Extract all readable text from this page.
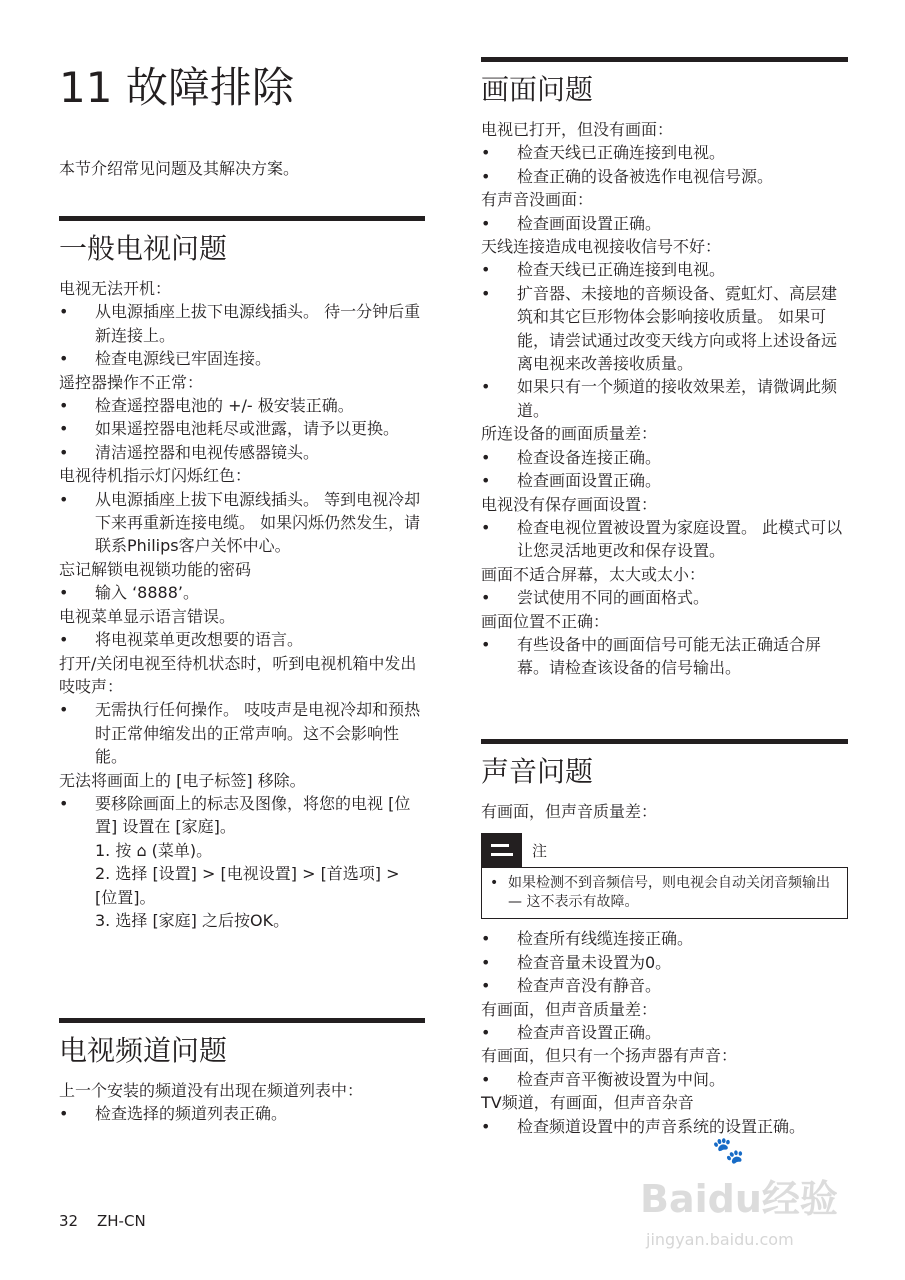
11 故障排除

本节介绍常见问题及其解决方案。

一般电视问题
电视无法开机：
• 从电源插座上拔下电源线插头。 待一分钟后重新连接上。
• 检查电源线已牢固连接。
遥控器操作不正常：
• 检查遥控器电池的 +/- 极安装正确。
• 如果遥控器电池耗尽或泄露，请予以更换。
• 清洁遥控器和电视传感器镜头。
电视待机指示灯闪烁红色：
• 从电源插座上拔下电源线插头。 等到电视冷却下来再重新连接电缆。 如果闪烁仍然发生，请联系Philips客户关怀中心。
忘记解锁电视锁功能的密码
• 输入 ‘8888’。
电视菜单显示语言错误。
• 将电视菜单更改想要的语言。
打开/关闭电视至待机状态时，听到电视机箱中发出吱吱声：
• 无需执行任何操作。 吱吱声是电视冷却和预热时正常伸缩发出的正常声响。这不会影响性能。
无法将画面上的 [电子标签] 移除。
• 要移除画面上的标志及图像，将您的电视 [位置] 设置在 [家庭]。
1. 按 ⌂ (菜单)。
2. 选择 [设置] > [电视设置] > [首选项] > [位置]。
3. 选择 [家庭] 之后按OK。
电视频道问题
上一个安装的频道没有出现在频道列表中：
• 检查选择的频道列表正确。
画面问题
电视已打开，但没有画面：
• 检查天线已正确连接到电视。
• 检查正确的设备被选作电视信号源。
有声音没画面：
• 检查画面设置正确。
天线连接造成电视接收信号不好：
• 检查天线已正确连接到电视。
• 扩音器、未接地的音频设备、霓虹灯、高层建筑和其它巨形物体会影响接收质量。 如果可能，请尝试通过改变天线方向或将上述设备远离电视来改善接收质量。
• 如果只有一个频道的接收效果差，请微调此频道。
所连设备的画面质量差：
• 检查设备连接正确。
• 检查画面设置正确。
电视没有保存画面设置：
• 检查电视位置被设置为家庭设置。 此模式可以让您灵活地更改和保存设置。
画面不适合屏幕，太大或太小：
• 尝试使用不同的画面格式。
画面位置不正确：
• 有些设备中的画面信号可能无法正确适合屏幕。请检查该设备的信号输出。
声音问题
有画面，但声音质量差：
注
• 如果检测不到音频信号，则电视会自动关闭音频输出 — 这不表示有故障。
• 检查所有线缆连接正确。
• 检查音量未设置为0。
• 检查声音没有静音。
有画面，但声音质量差：
• 检查声音设置正确。
有画面，但只有一个扬声器有声音：
• 检查声音平衡被设置为中间。
TV频道，有画面，但声音杂音
• 检查频道设置中的声音系统的设置正确。
32 ZH-CN
🐾
Baidu经验
jingyan.baidu.com
